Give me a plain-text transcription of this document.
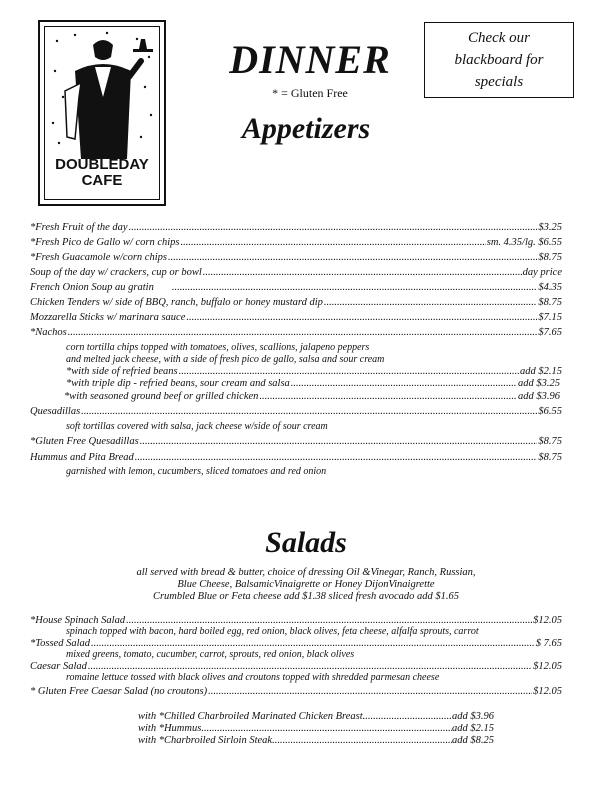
DOUBLEDAY
CAFE
DINNER
* = Gluten Free
Check our
blackboard for
specials
Appetizers
*Fresh Fruit of the day .....	$3.25
*Fresh Pico de Gallo w/ corn chips .....	sm. 4.35/lg. $6.55
*Fresh Guacamole w/corn chips .....	$8.75
Soup of the day w/ crackers, cup or bowl .....	day price
French Onion Soup au gratin .....	$4.35
Chicken Tenders w/ side of BBQ, ranch, buffalo or honey mustard dip .....	$8.75
Mozzarella Sticks w/ marinara sauce .....	$7.15
*Nachos .....	$7.65
corn tortilla chips topped with tomatoes, olives, scallions, jalapeno peppers
and melted jack cheese, with a side of fresh pico de gallo, salsa and sour cream
*with side of refried beans .....	add $2.15
*with triple dip - refried beans, sour cream and salsa .....	add $3.25
*with seasoned ground beef or grilled chicken .....	add $3.96
Quesadillas .....	$6.55
soft tortillas covered with salsa, jack cheese w/side of sour cream
*Gluten Free Quesadillas .....	$8.75
Hummus and Pita Bread .....	$8.75
garnished with lemon, cucumbers, sliced tomatoes and red onion
Salads
all served with bread & butter, choice of dressing Oil &Vinegar, Ranch, Russian,
Blue Cheese, BalsamicVinaigrette or Honey DijonVinaigrette
Crumbled Blue or Feta cheese add $1.38 sliced fresh avocado add $1.65
*House Spinach Salad .....	$12.05
spinach topped with bacon, hard boiled egg, red onion, black olives, feta cheese, alfalfa sprouts, carrot
*Tossed Salad .....	$ 7.65
mixed greens, tomato, cucumber, carrot, sprouts, red onion, black olives
Caesar Salad .....	$12.05
romaine lettuce tossed with black olives and croutons topped with shredded parmesan cheese
* Gluten Free Caesar Salad (no croutons) .....	$12.05
with *Chilled Charbroiled Marinated Chicken Breast .....	add $3.96
with *Hummus .....	add $2.15
with *Charbroiled Sirloin Steak .....	add $8.25
